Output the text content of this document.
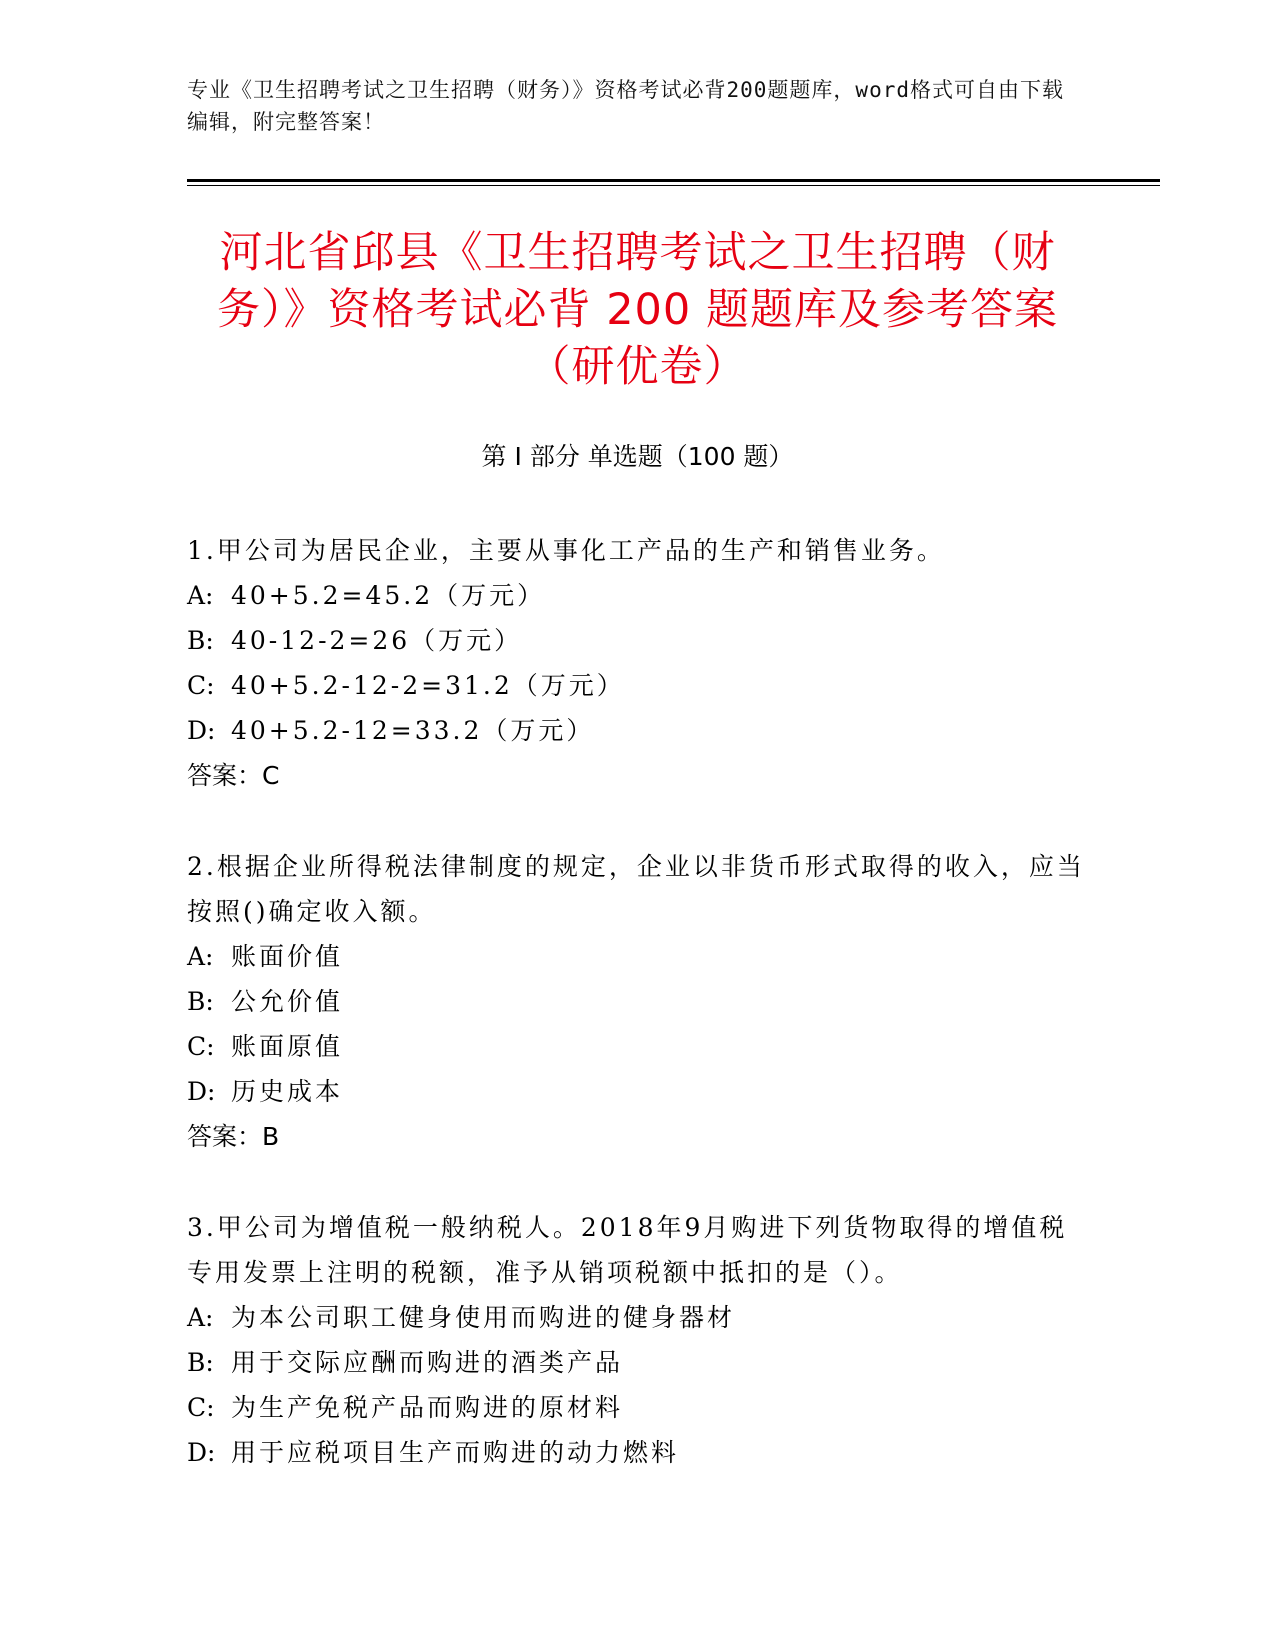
专业《卫生招聘考试之卫生招聘（财务）》资格考试必背200题题库，word格式可自由下载编辑，附完整答案！
河北省邱县《卫生招聘考试之卫生招聘（财
务）》资格考试必背 200 题题库及参考答案
（研优卷）
第 I 部分 单选题（100 题）

1.甲公司为居民企业，主要从事化工产品的生产和销售业务。

A: 40+5.2=45.2（万元）

B: 40-12-2=26（万元）

C: 40+5.2-12-2=31.2（万元）

D: 40+5.2-12=33.2（万元）

答案：C

2.根据企业所得税法律制度的规定，企业以非货币形式取得的收入，应当按照()确定收入额。

A: 账面价值

B: 公允价值

C: 账面原值

D: 历史成本

答案：B

3.甲公司为增值税一般纳税人。2018年9月购进下列货物取得的增值税专用发票上注明的税额，准予从销项税额中抵扣的是（）。

A: 为本公司职工健身使用而购进的健身器材

B: 用于交际应酬而购进的酒类产品

C: 为生产免税产品而购进的原材料

D: 用于应税项目生产而购进的动力燃料
